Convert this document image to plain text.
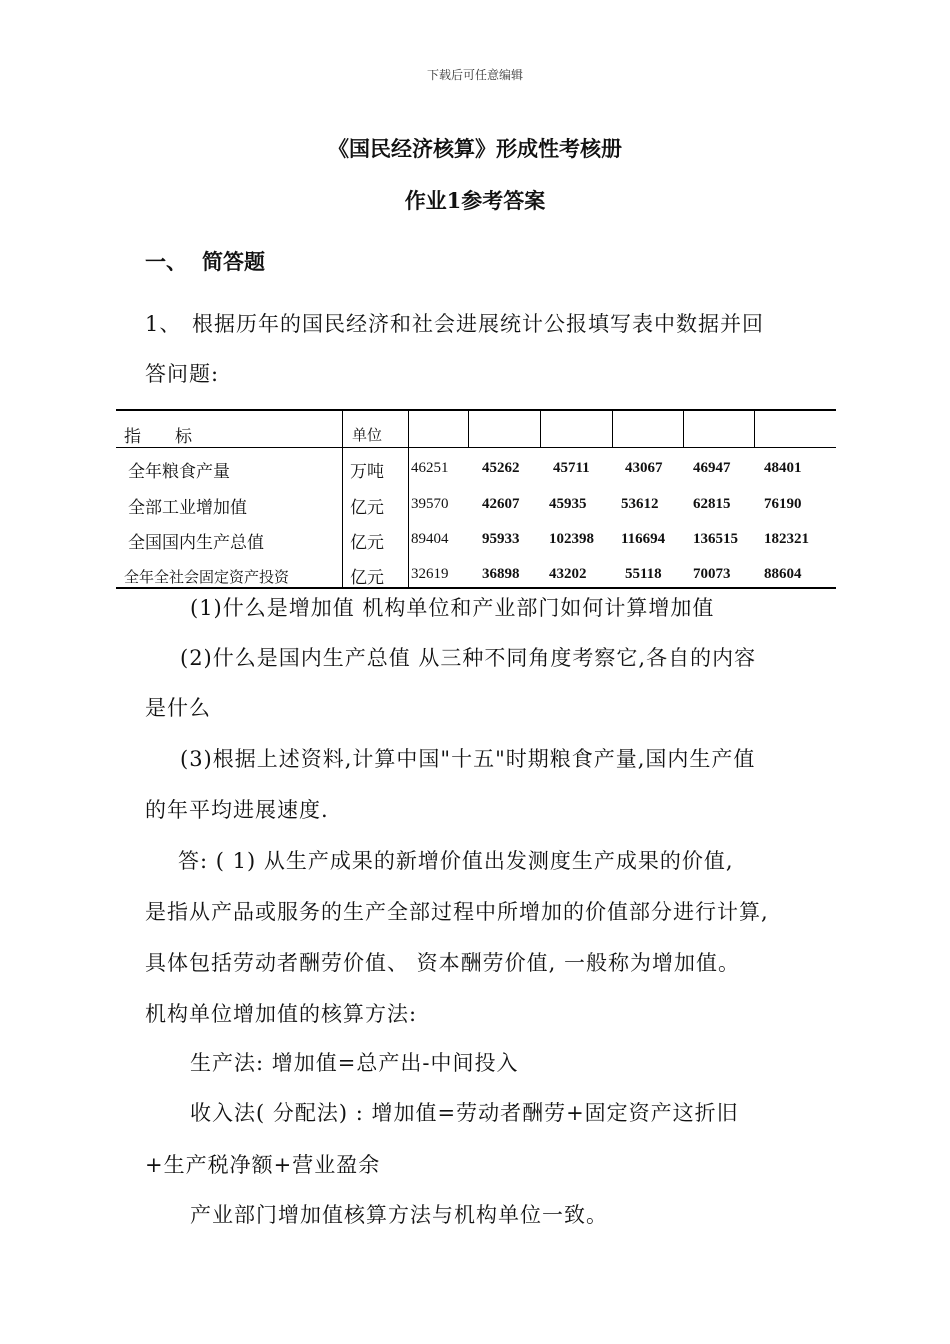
下载后可任意编辑
《国民经济核算》形成性考核册
作业1参考答案
一、 简答题
1、 根据历年的国民经济和社会进展统计公报填写表中数据并回
答问题:
指　　标	单位
全年粮食产量	万吨 46251 45262 45711 43067 46947 48401
全部工业增加值	亿元 39570 42607 45935 53612 62815 76190
全国国内生产总值	亿元 89404 95933 102398 116694 136515 182321
全年全社会固定资产投资	亿元 32619 36898 43202	55118 70073 88604
(1)什么是增加值 机构单位和产业部门如何计算增加值
(2)什么是国内生产总值 从三种不同角度考察它,各自的内容
是什么
(3)根据上述资料,计算中国"十五"时期粮食产量,国内生产值
的年平均进展速度.
答: ( 1) 从生产成果的新增价值出发测度生产成果的价值,
是指从产品或服务的生产全部过程中所增加的价值部分进行计算,
具体包括劳动者酬劳价值、 资本酬劳价值, 一般称为增加值。
机构单位增加值的核算方法:
生产法: 增加值=总产出-中间投入
收入法( 分配法) : 增加值=劳动者酬劳+固定资产这折旧
+生产税净额+营业盈余
产业部门增加值核算方法与机构单位一致。
